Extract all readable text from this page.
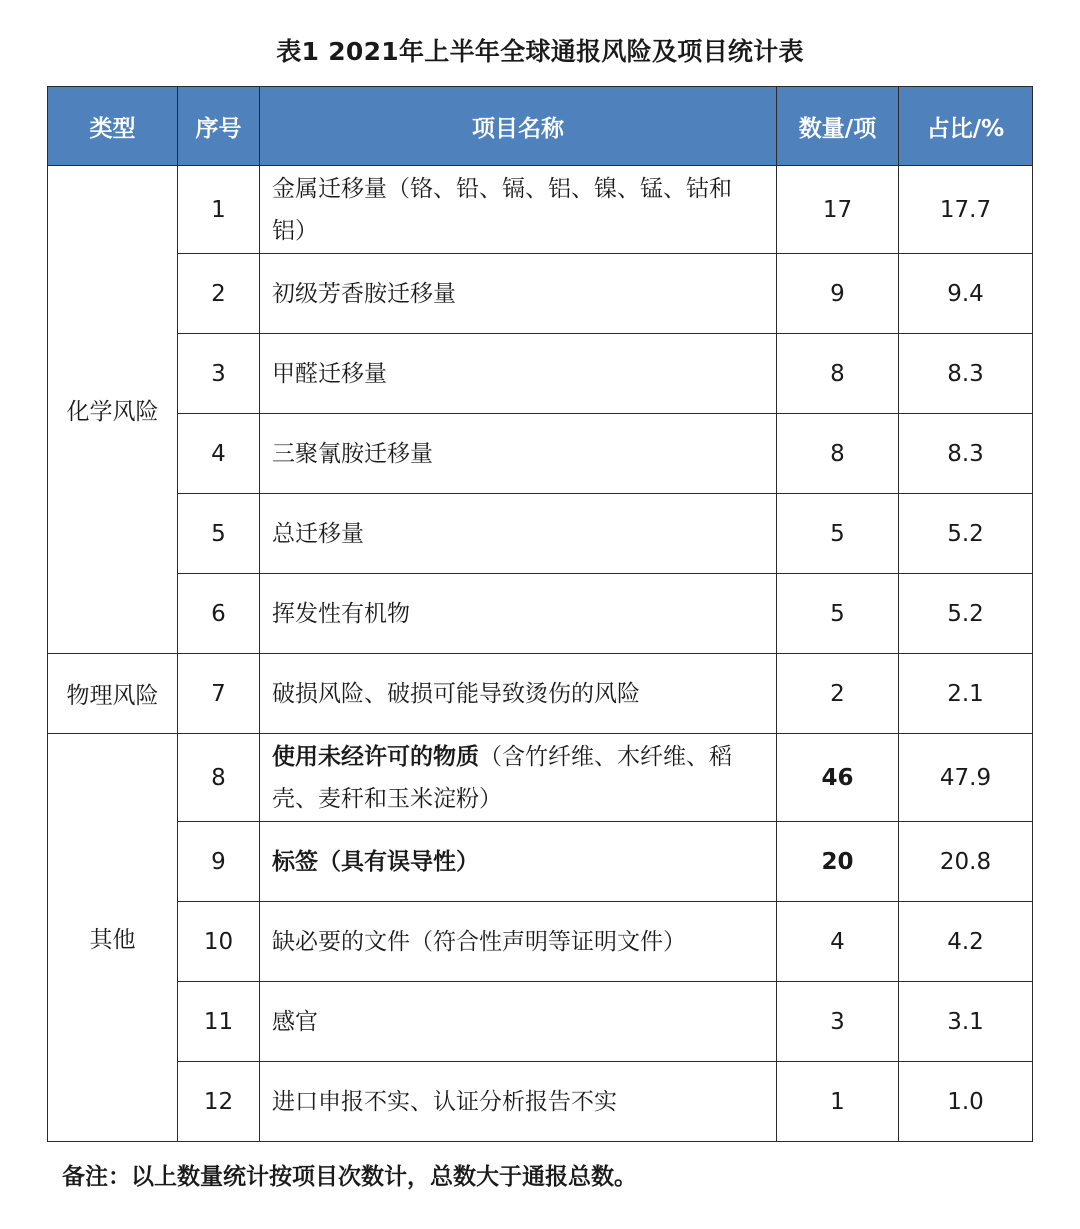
表1 2021年上半年全球通报风险及项目统计表
类型	序号	项目名称	数量/项	占比/%
化学风险	1	金属迁移量（铬、铅、镉、铝、镍、锰、钴和铝）	17	17.7
	2	初级芳香胺迁移量	9	9.4
	3	甲醛迁移量	8	8.3
	4	三聚氰胺迁移量	8	8.3
	5	总迁移量	5	5.2
	6	挥发性有机物	5	5.2
物理风险	7	破损风险、破损可能导致烫伤的风险	2	2.1
其他	8	使用未经许可的物质（含竹纤维、木纤维、稻壳、麦秆和玉米淀粉）	46	47.9
	9	标签（具有误导性）	20	20.8
	10	缺必要的文件（符合性声明等证明文件）	4	4.2
	11	感官	3	3.1
	12	进口申报不实、认证分析报告不实	1	1.0
备注：以上数量统计按项目次数计，总数大于通报总数。
